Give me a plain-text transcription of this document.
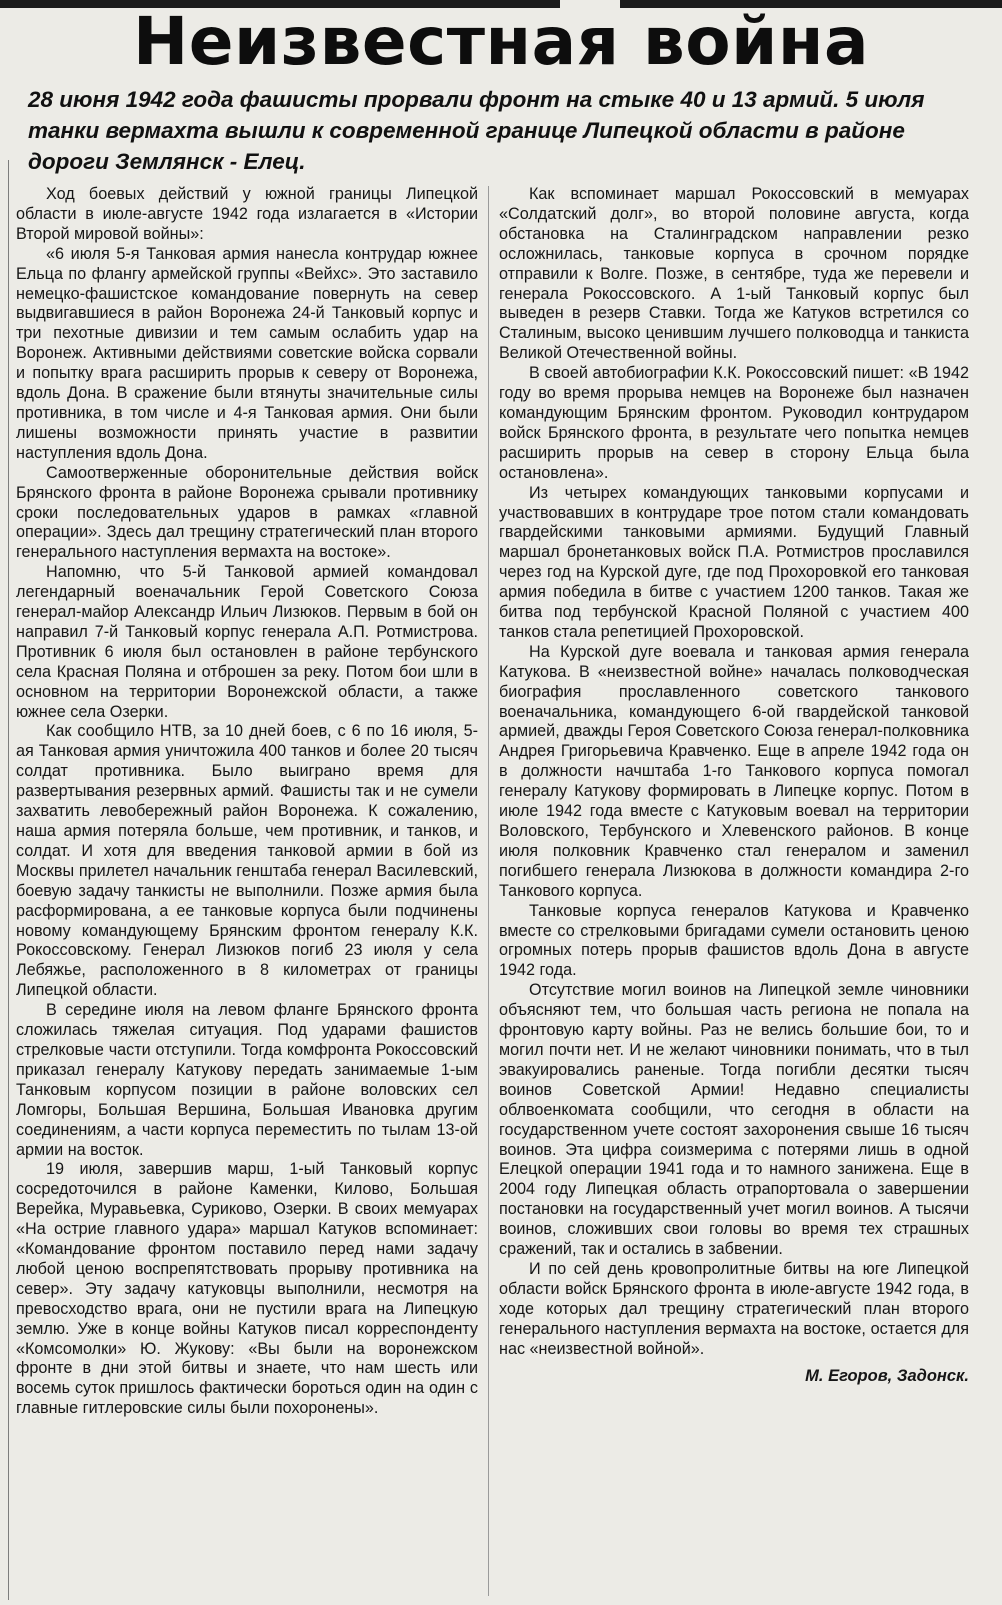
Неизвестная война
28 июня 1942 года фашисты прорвали фронт на стыке 40 и 13 армий. 5 июля танки вермахта вышли к современной границе Липецкой области в районе дороги Землянск - Елец.

Ход боевых действий у южной границы Липецкой области в июле-августе 1942 года излагается в «Истории Второй мировой войны»:

«6 июля 5-я Танковая армия нанесла контрудар южнее Ельца по флангу армейской группы «Вейхс». Это заставило немецко-фашистское командование повернуть на север выдвигавшиеся в район Воронежа 24-й Танковый корпус и три пехотные дивизии и тем самым ослабить удар на Воронеж. Активными действиями советские войска сорвали и попытку врага расширить прорыв к северу от Воронежа, вдоль Дона. В сражение были втянуты значительные силы противника, в том числе и 4-я Танковая армия. Они были лишены возможности принять участие в развитии наступления вдоль Дона.

Самоотверженные оборонительные действия войск Брянского фронта в районе Воронежа срывали противнику сроки последовательных ударов в рамках «главной операции». Здесь дал трещину стратегический план второго генерального наступления вермахта на востоке».

Напомню, что 5-й Танковой армией командовал легендарный военачальник Герой Советского Союза генерал-майор Александр Ильич Лизюков. Первым в бой он направил 7-й Танковый корпус генерала А.П. Ротмистрова. Противник 6 июля был остановлен в районе тербунского села Красная Поляна и отброшен за реку. Потом бои шли в основном на территории Воронежской области, а также южнее села Озерки.

Как сообщило НТВ, за 10 дней боев, с 6 по 16 июля, 5-ая Танковая армия уничтожила 400 танков и более 20 тысяч солдат противника. Было выиграно время для развертывания резервных армий. Фашисты так и не сумели захватить левобережный район Воронежа. К сожалению, наша армия потеряла больше, чем противник, и танков, и солдат. И хотя для введения танковой армии в бой из Москвы прилетел начальник генштаба генерал Василевский, боевую задачу танкисты не выполнили. Позже армия была расформирована, а ее танковые корпуса были подчинены новому командующему Брянским фронтом генералу К.К. Рокоссовскому. Генерал Лизюков погиб 23 июля у села Лебяжье, расположенного в 8 километрах от границы Липецкой области.

В середине июля на левом фланге Брянского фронта сложилась тяжелая ситуация. Под ударами фашистов стрелковые части отступили. Тогда комфронта Рокоссовский приказал генералу Катукову передать занимаемые 1-ым Танковым корпусом позиции в районе воловских сел Ломгоры, Большая Вершина, Большая Ивановка другим соединениям, а части корпуса переместить по тылам 13-ой армии на восток.

19 июля, завершив марш, 1-ый Танковый корпус сосредоточился в районе Каменки, Килово, Большая Верейка, Муравьевка, Суриково, Озерки. В своих мемуарах «На острие главного удара» маршал Катуков вспоминает: «Командование фронтом поставило перед нами задачу любой ценою воспрепятствовать прорыву противника на север». Эту задачу катуковцы выполнили, несмотря на превосходство врага, они не пустили врага на Липецкую землю. Уже в конце войны Катуков писал корреспонденту «Комсомолки» Ю. Жукову: «Вы были на воронежском фронте в дни этой битвы и знаете, что нам шесть или восемь суток пришлось фактически бороться один на один с главные гитлеровские силы были похоронены».

Как вспоминает маршал Рокоссовский в мемуарах «Солдатский долг», во второй половине августа, когда обстановка на Сталинградском направлении резко осложнилась, танковые корпуса в срочном порядке отправили к Волге. Позже, в сентябре, туда же перевели и генерала Рокоссовского. А 1-ый Танковый корпус был выведен в резерв Ставки. Тогда же Катуков встретился со Сталиным, высоко ценившим лучшего полководца и танкиста Великой Отечественной войны.

В своей автобиографии К.К. Рокоссовский пишет: «В 1942 году во время прорыва немцев на Воронеже был назначен командующим Брянским фронтом. Руководил контрударом войск Брянского фронта, в результате чего попытка немцев расширить прорыв на север в сторону Ельца была остановлена».

Из четырех командующих танковыми корпусами и участвовавших в контрударе трое потом стали командовать гвардейскими танковыми армиями. Будущий Главный маршал бронетанковых войск П.А. Ротмистров прославился через год на Курской дуге, где под Прохоровкой его танковая армия победила в битве с участием 1200 танков. Такая же битва под тербунской Красной Поляной с участием 400 танков стала репетицией Прохоровской.

На Курской дуге воевала и танковая армия генерала Катукова. В «неизвестной войне» началась полководческая биография прославленного советского танкового военачальника, командующего 6-ой гвардейской танковой армией, дважды Героя Советского Союза генерал-полковника Андрея Григорьевича Кравченко. Еще в апреле 1942 года он в должности начштаба 1-го Танкового корпуса помогал генералу Катукову формировать в Липецке корпус. Потом в июле 1942 года вместе с Катуковым воевал на территории Воловского, Тербунского и Хлевенского районов. В конце июля полковник Кравченко стал генералом и заменил погибшего генерала Лизюкова в должности командира 2-го Танкового корпуса.

Танковые корпуса генералов Катукова и Кравченко вместе со стрелковыми бригадами сумели остановить ценою огромных потерь прорыв фашистов вдоль Дона в августе 1942 года.

Отсутствие могил воинов на Липецкой земле чиновники объясняют тем, что большая часть региона не попала на фронтовую карту войны. Раз не велись большие бои, то и могил почти нет. И не желают чиновники понимать, что в тыл эвакуировались раненые. Тогда погибли десятки тысяч воинов Советской Армии! Недавно специалисты облвоенкомата сообщили, что сегодня в области на государственном учете состоят захоронения свыше 16 тысяч воинов. Эта цифра соизмерима с потерями лишь в одной Елецкой операции 1941 года и то намного занижена. Еще в 2004 году Липецкая область отрапортовала о завершении постановки на государственный учет могил воинов. А тысячи воинов, сложивших свои головы во время тех страшных сражений, так и остались в забвении.

И по сей день кровопролитные битвы на юге Липецкой области войск Брянского фронта в июле-августе 1942 года, в ходе которых дал трещину стратегический план второго генерального наступления вермахта на востоке, остается для нас «неизвестной войной».

М. Егоров, Задонск.
